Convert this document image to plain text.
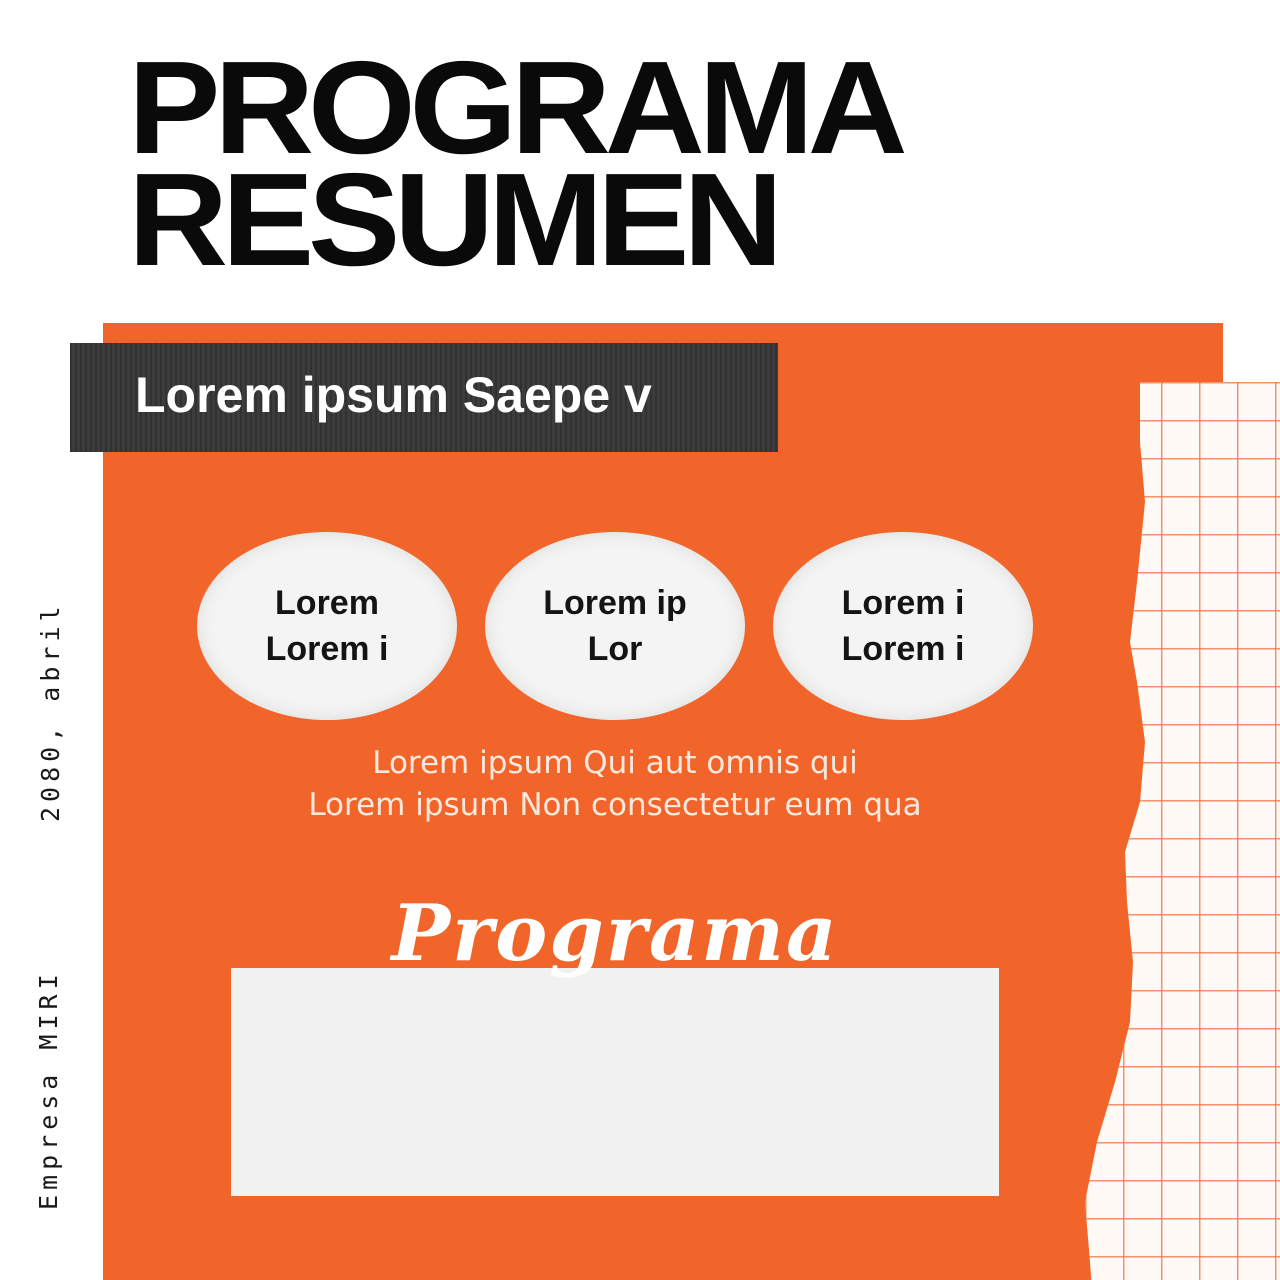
PROGRAMA
RESUMEN
Lorem ipsum Saepe v
Lorem
Lorem i
Lorem ip
Lor
Lorem i
Lorem i
Lorem ipsum Qui aut omnis qui
Lorem ipsum Non consectetur eum qua
Programa
2080, abril
Empresa MIRI
